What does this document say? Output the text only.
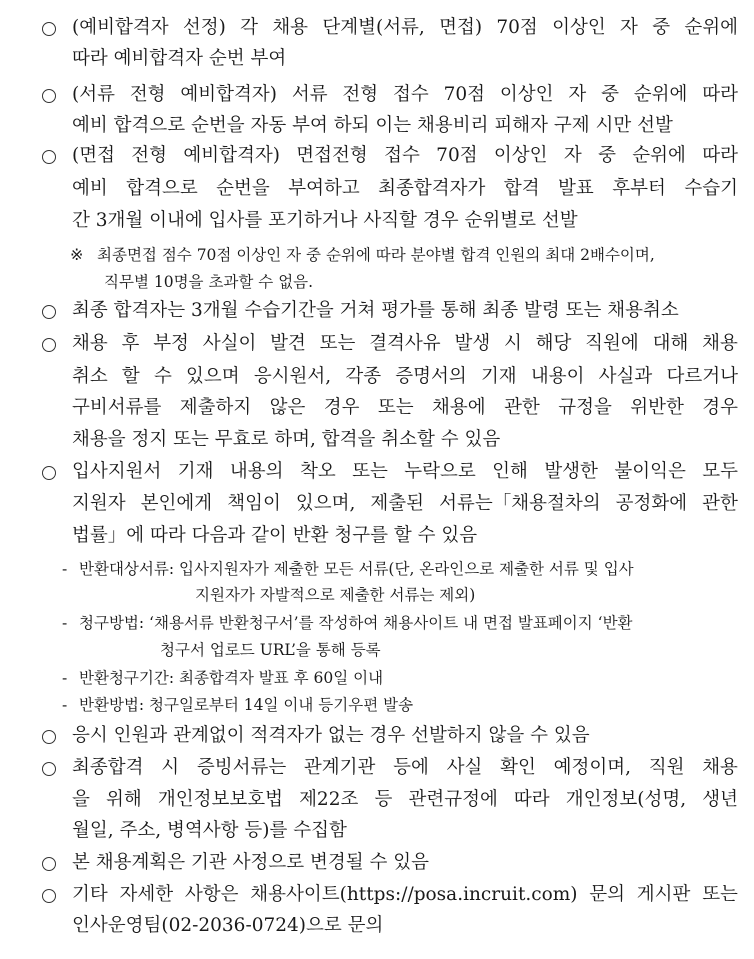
(예비합격자 선정) 각 채용 단계별(서류, 면접) 70점 이상인 자 중 순위에
따라 예비합격자 순번 부여
(서류 전형 예비합격자) 서류 전형 접수 70점 이상인 자 중 순위에 따라
예비 합격으로 순번을 자동 부여 하되 이는 채용비리 피해자 구제 시만 선발
(면접 전형 예비합격자) 면접전형 접수 70점 이상인 자 중 순위에 따라
예비 합격으로 순번을 부여하고 최종합격자가 합격 발표 후부터 수습기
간 3개월 이내에 입사를 포기하거나 사직할 경우 순위별로 선발
※ 최종면접 점수 70점 이상인 자 중 순위에 따라 분야별 합격 인원의 최대 2배수이며,
직무별 10명을 초과할 수 없음.
최종 합격자는 3개월 수습기간을 거쳐 평가를 통해 최종 발령 또는 채용취소
채용 후 부정 사실이 발견 또는 결격사유 발생 시 해당 직원에 대해 채용
취소 할 수 있으며 응시원서, 각종 증명서의 기재 내용이 사실과 다르거나
구비서류를 제출하지 않은 경우 또는 채용에 관한 규정을 위반한 경우
채용을 정지 또는 무효로 하며, 합격을 취소할 수 있음
입사지원서 기재 내용의 착오 또는 누락으로 인해 발생한 불이익은 모두
지원자 본인에게 책임이 있으며, 제출된 서류는「채용절차의 공정화에 관한
법률」에 따라 다음과 같이 반환 청구를 할 수 있음
- 반환대상서류: 입사지원자가 제출한 모든 서류(단, 온라인으로 제출한 서류 및 입사
지원자가 자발적으로 제출한 서류는 제외)
- 청구방법: ‘채용서류 반환청구서’를 작성하여 채용사이트 내 면접 발표페이지 ‘반환
청구서 업로드 URL’을 통해 등록
- 반환청구기간: 최종합격자 발표 후 60일 이내
- 반환방법: 청구일로부터 14일 이내 등기우편 발송
응시 인원과 관계없이 적격자가 없는 경우 선발하지 않을 수 있음
최종합격 시 증빙서류는 관계기관 등에 사실 확인 예정이며, 직원 채용
을 위해 개인정보보호법 제22조 등 관련규정에 따라 개인정보(성명, 생년
월일, 주소, 병역사항 등)를 수집함
본 채용계획은 기관 사정으로 변경될 수 있음
기타 자세한 사항은 채용사이트(https://posa.incruit.com) 문의 게시판 또는
인사운영팀(02-2036-0724)으로 문의
